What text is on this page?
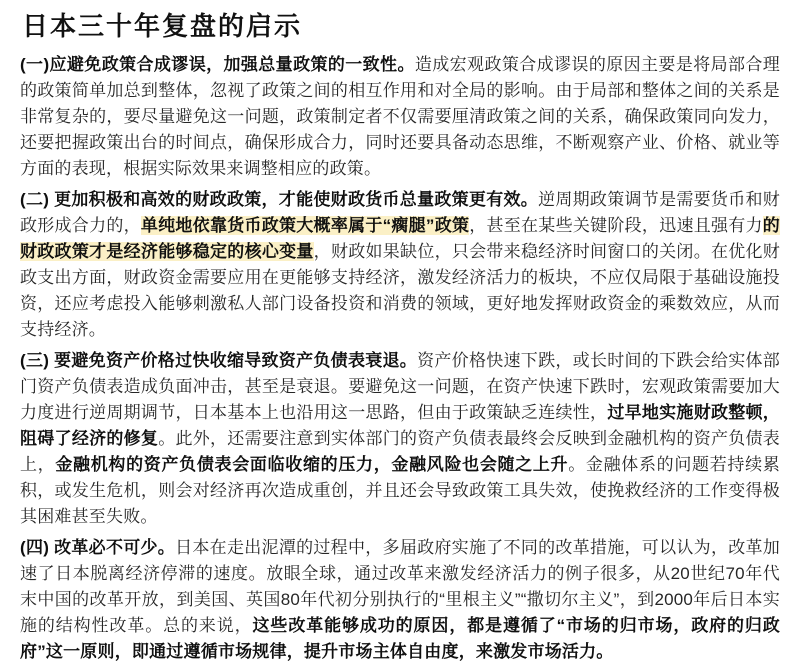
日本三十年复盘的启示

(一)应避免政策合成谬误，加强总量政策的一致性。造成宏观政策合成谬误的原因主要是将局部合理的政策简单加总到整体，忽视了政策之间的相互作用和对全局的影响。由于局部和整体之间的关系是非常复杂的，要尽量避免这一问题，政策制定者不仅需要厘清政策之间的关系，确保政策同向发力，还要把握政策出台的时间点，确保形成合力，同时还要具备动态思维，不断观察产业、价格、就业等方面的表现，根据实际效果来调整相应的政策。

(二) 更加积极和高效的财政政策，才能使财政货币总量政策更有效。逆周期政策调节是需要货币和财政形成合力的，单纯地依靠货币政策大概率属于“瘸腿”政策，甚至在某些关键阶段，迅速且强有力的财政政策才是经济能够稳定的核心变量，财政如果缺位，只会带来稳经济时间窗口的关闭。在优化财政支出方面，财政资金需要应用在更能够支持经济，激发经济活力的板块，不应仅局限于基础设施投资，还应考虑投入能够刺激私人部门设备投资和消费的领域，更好地发挥财政资金的乘数效应，从而支持经济。

(三) 要避免资产价格过快收缩导致资产负债表衰退。资产价格快速下跌，或长时间的下跌会给实体部门资产负债表造成负面冲击，甚至是衰退。要避免这一问题，在资产快速下跌时，宏观政策需要加大力度进行逆周期调节，日本基本上也沿用这一思路，但由于政策缺乏连续性，过早地实施财政整顿，阻碍了经济的修复。此外，还需要注意到实体部门的资产负债表最终会反映到金融机构的资产负债表上，金融机构的资产负债表会面临收缩的压力，金融风险也会随之上升。金融体系的问题若持续累积，或发生危机，则会对经济再次造成重创，并且还会导致政策工具失效，使挽救经济的工作变得极其困难甚至失败。

(四) 改革必不可少。日本在走出泥潭的过程中，多届政府实施了不同的改革措施，可以认为，改革加速了日本脱离经济停滞的速度。放眼全球，通过改革来激发经济活力的例子很多，从20世纪70年代末中国的改革开放，到美国、英国80年代初分别执行的“里根主义”“撒切尔主义”，到2000年后日本实施的结构性改革。总的来说，这些改革能够成功的原因，都是遵循了“市场的归市场，政府的归政府”这一原则，即通过遵循市场规律，提升市场主体自由度，来激发市场活力。
